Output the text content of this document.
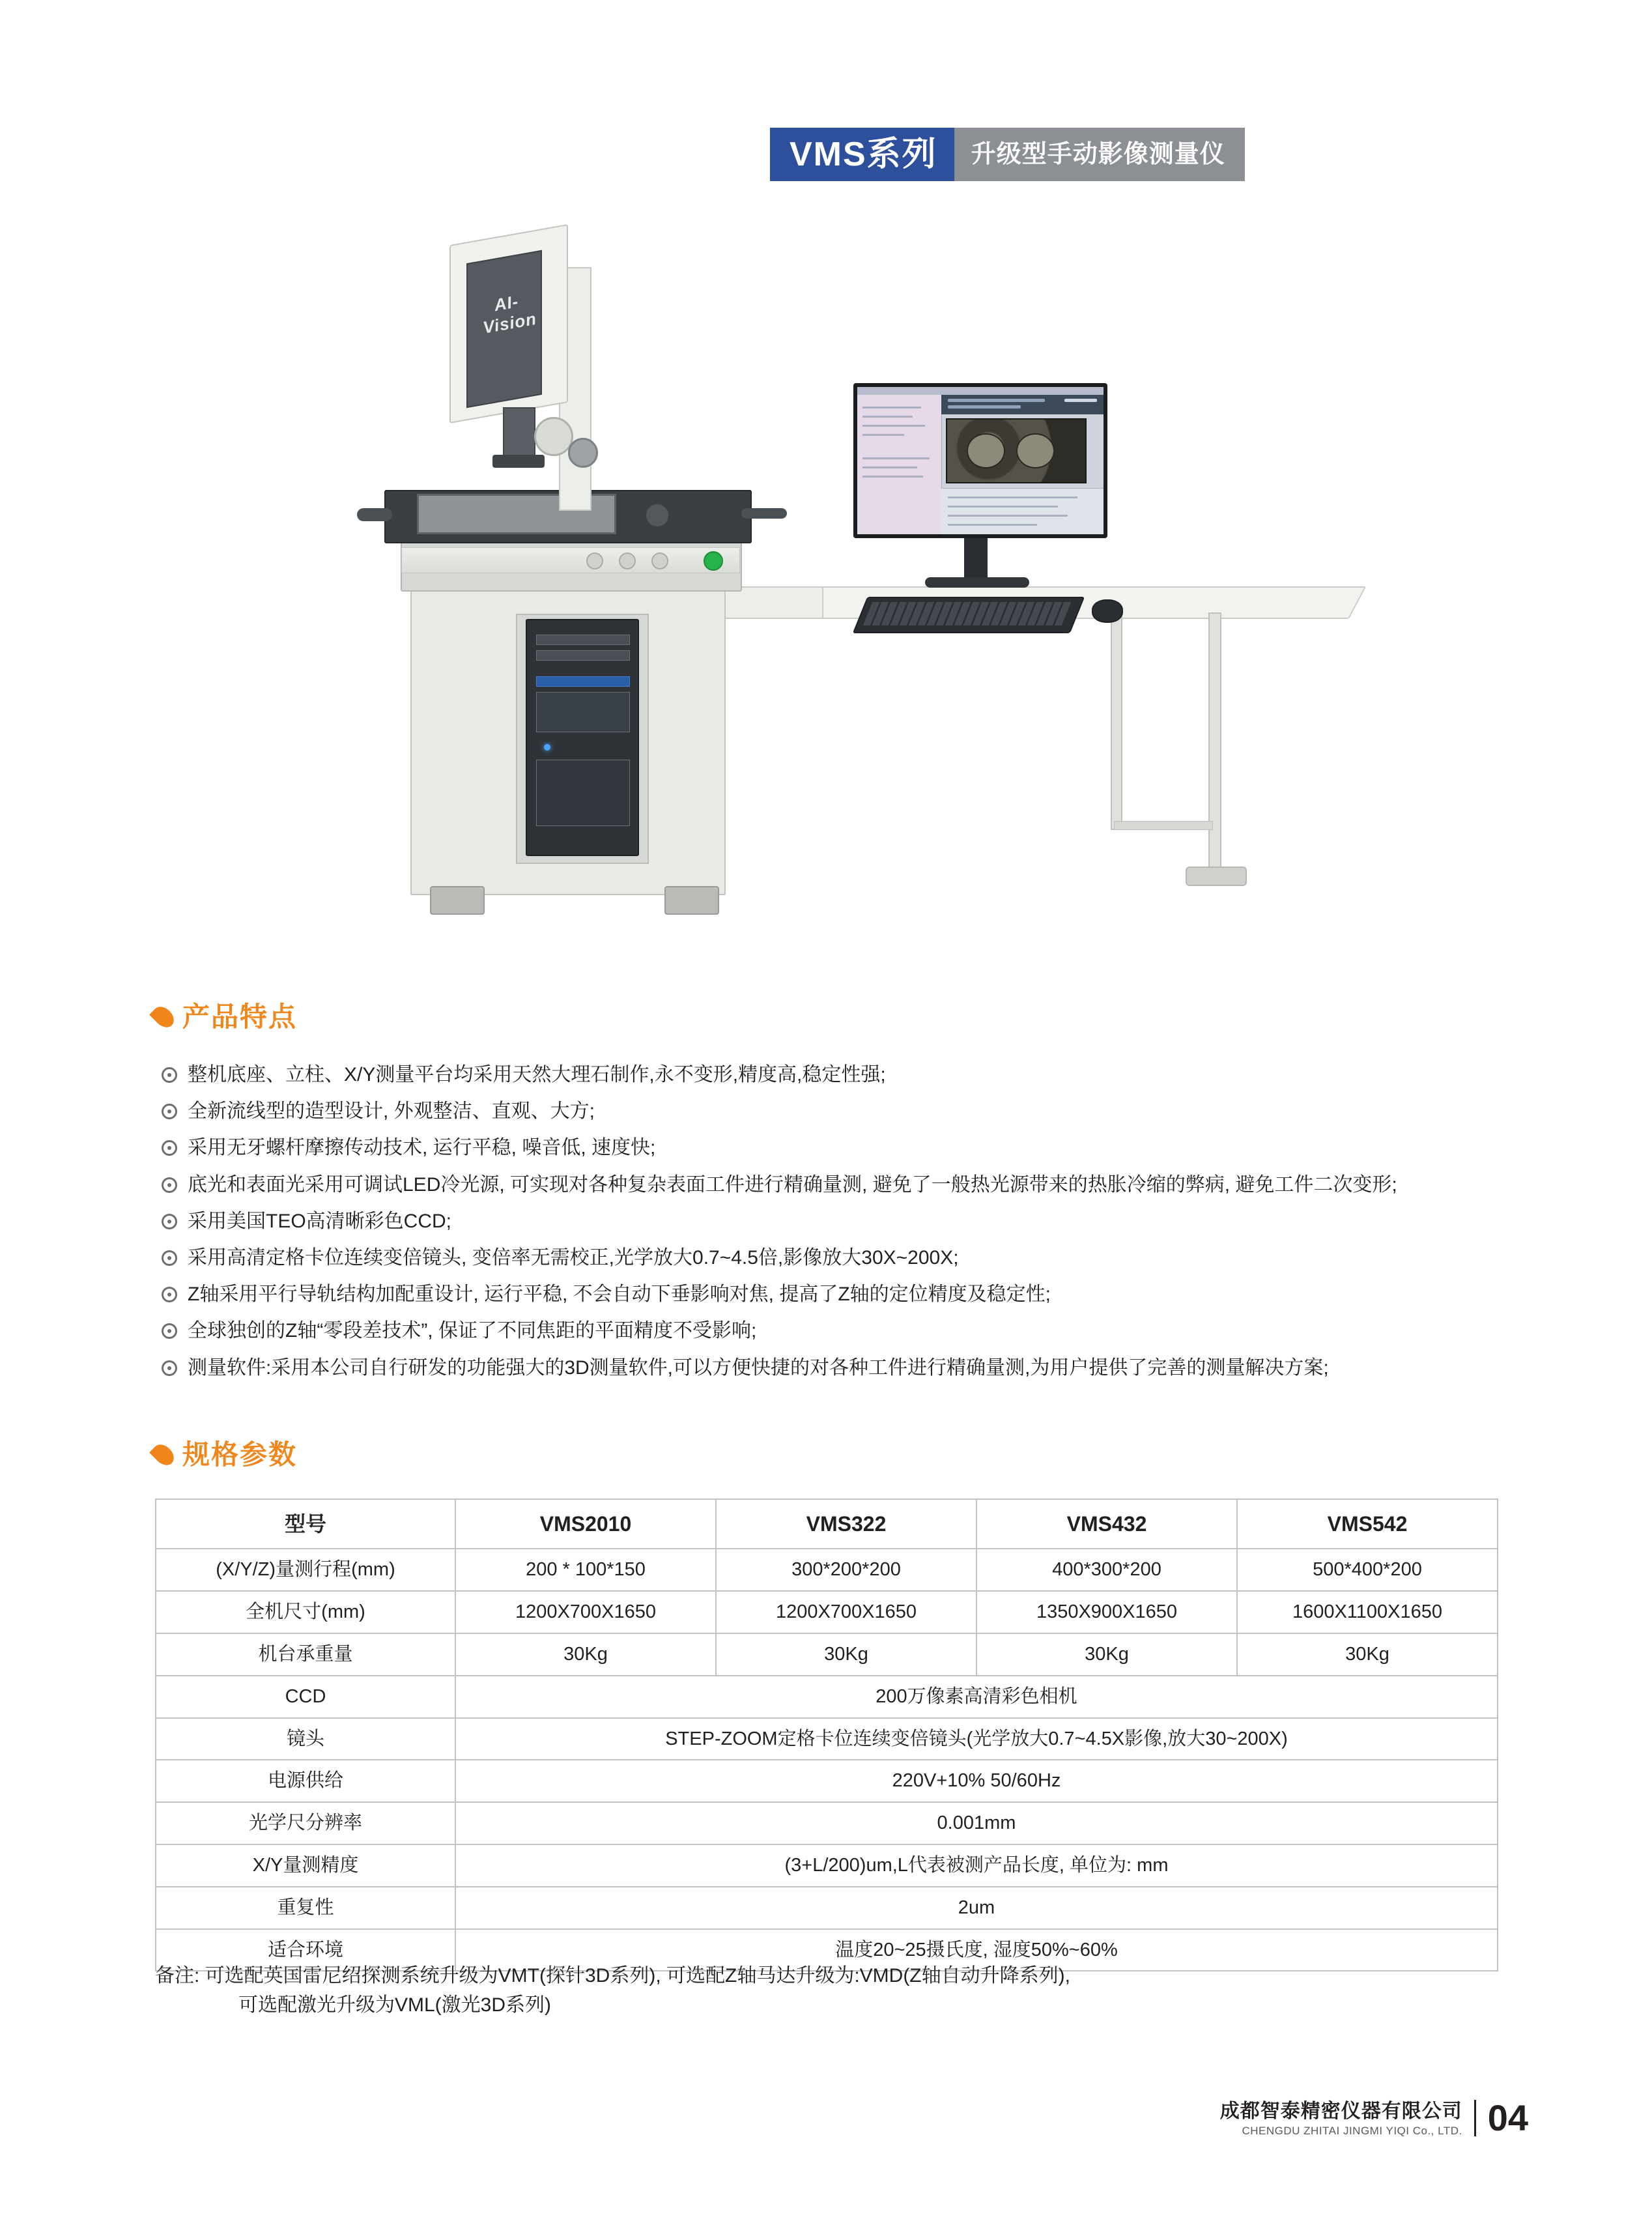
VMS系列	升级型手动影像测量仪
AI-Vision
产品特点
整机底座、立柱、X/Y测量平台均采用天然大理石制作,永不变形,精度高,稳定性强;
全新流线型的造型设计, 外观整洁、直观、大方;
采用无牙螺杆摩擦传动技术, 运行平稳, 噪音低, 速度快;
底光和表面光采用可调试LED冷光源, 可实现对各种复杂表面工件进行精确量测, 避免了一般热光源带来的热胀冷缩的弊病, 避免工件二次变形;
采用美国TEO高清晰彩色CCD;
采用高清定格卡位连续变倍镜头, 变倍率无需校正,光学放大0.7~4.5倍,影像放大30X~200X;
Z轴采用平行导轨结构加配重设计, 运行平稳, 不会自动下垂影响对焦, 提高了Z轴的定位精度及稳定性;
全球独创的Z轴“零段差技术”, 保证了不同焦距的平面精度不受影响;
测量软件:采用本公司自行研发的功能强大的3D测量软件,可以方便快捷的对各种工件进行精确量测,为用户提供了完善的测量解决方案;
规格参数
型号	VMS2010	VMS322	VMS432	VMS542
(X/Y/Z)量测行程(mm)	200 * 100*150	300*200*200	400*300*200	500*400*200
全机尺寸(mm)	1200X700X1650	1200X700X1650	1350X900X1650	1600X1100X1650
机台承重量	30Kg	30Kg	30Kg	30Kg
CCD	200万像素高清彩色相机			
镜头	STEP-ZOOM定格卡位连续变倍镜头(光学放大0.7~4.5X影像,放大30~200X)			
电源供给	220V+10% 50/60Hz			
光学尺分辨率	0.001mm			
X/Y量测精度	(3+L/200)um,L代表被测产品长度, 单位为: mm			
重复性	2um			
适合环境	温度20~25摄氏度, 湿度50%~60%			
备注: 可选配英国雷尼绍探测系统升级为VMT(探针3D系列), 可选配Z轴马达升级为:VMD(Z轴自动升降系列),
可选配激光升级为VML(激光3D系列)
成都智泰精密仪器有限公司
CHENGDU ZHITAI JINGMI YIQI Co., LTD. 04
